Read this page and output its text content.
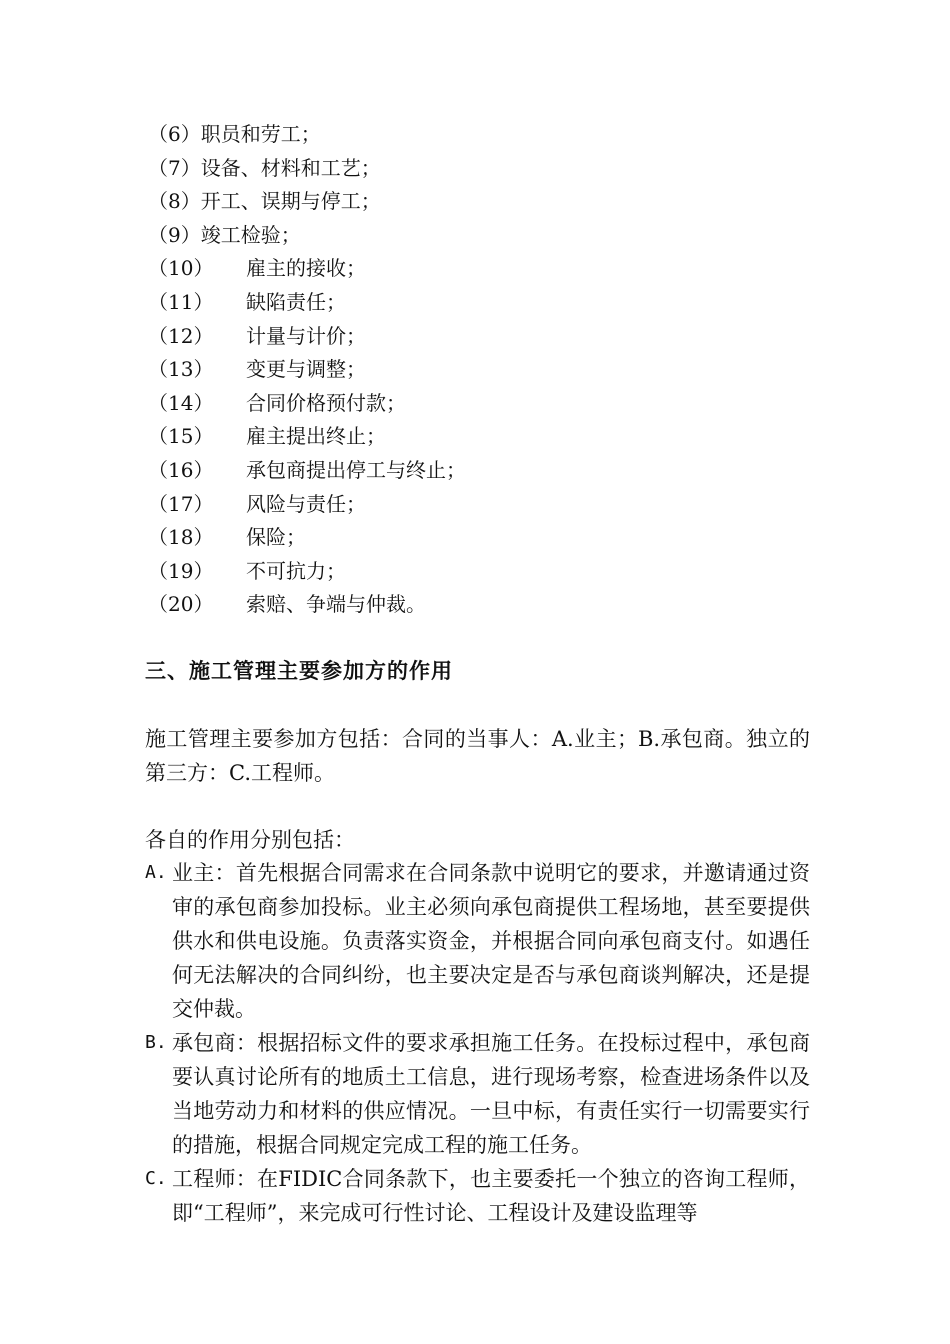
（6）职员和劳工；
（7）设备、材料和工艺；
（8）开工、误期与停工；
（9）竣工检验；
（10） 雇主的接收；
（11） 缺陷责任；
（12） 计量与计价；
（13） 变更与调整；
（14） 合同价格预付款；
（15） 雇主提出终止；
（16） 承包商提出停工与终止；
（17） 风险与责任；
（18） 保险；
（19） 不可抗力；
（20） 索赔、争端与仲裁。
三、施工管理主要参加方的作用
施工管理主要参加方包括：合同的当事人：A.业主；B.承包商。独立的第三方：C.工程师。
各自的作用分别包括：

A. 业主：首先根据合同需求在合同条款中说明它的要求，并邀请通过资审的承包商参加投标。业主必须向承包商提供工程场地，甚至要提供供水和供电设施。负责落实资金，并根据合同向承包商支付。如遇任何无法解决的合同纠纷，也主要决定是否与承包商谈判解决，还是提交仲裁。

B. 承包商：根据招标文件的要求承担施工任务。在投标过程中，承包商要认真讨论所有的地质土工信息，进行现场考察，检查进场条件以及当地劳动力和材料的供应情况。一旦中标，有责任实行一切需要实行的措施，根据合同规定完成工程的施工任务。

C. 工程师：在FIDIC合同条款下，也主要委托一个独立的咨询工程师，即“工程师”，来完成可行性讨论、工程设计及建设监理等
